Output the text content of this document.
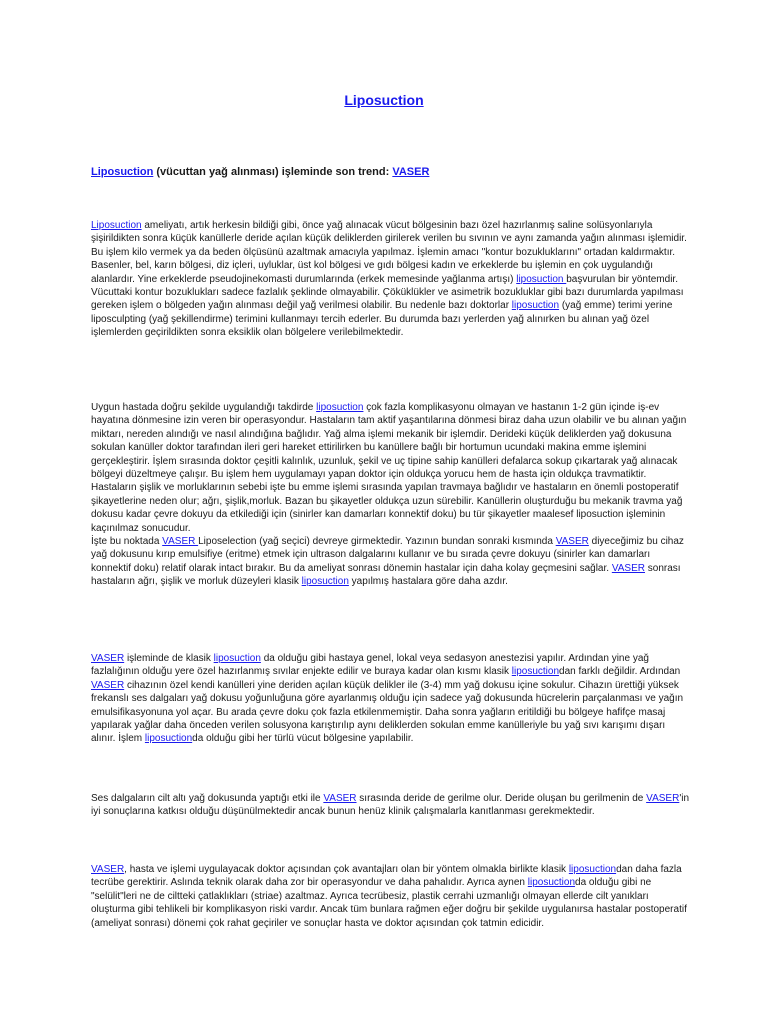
Liposuction
Liposuction (vücuttan yağ alınması) işleminde son trend: VASER

Liposuction ameliyatı, artık herkesin bildiği gibi, önce yağ alınacak vücut bölgesinin bazı özel hazırlanmış saline solüsyonlarıyla şişirildikten sonra küçük kanüllerle deride açılan küçük deliklerden girilerek verilen bu sıvının ve aynı zamanda yağın alınması işlemidir. Bu işlem kilo vermek ya da beden ölçüsünü azaltmak amacıyla yapılmaz. İşlemin amacı "kontur bozukluklarını" ortadan kaldırmaktır. Basenler, bel, karın bölgesi, diz içleri, uyluklar, üst kol bölgesi ve gıdı bölgesi kadın ve erkeklerde bu işlemin en çok uygulandığı alanlardır. Yine erkeklerde pseudojinekomasti durumlarında (erkek memesinde yağlanma artışı) liposuction başvurulan bir yöntemdir. Vücuttaki kontur bozuklukları sadece fazlalık şeklinde olmayabilir. Çöküklükler ve asimetrik bozukluklar gibi bazı durumlarda yapılması gereken işlem o bölgeden yağın alınması değil yağ verilmesi olabilir. Bu nedenle bazı doktorlar liposuction (yağ emme) terimi yerine liposculpting (yağ şekillendirme) terimini kullanmayı tercih ederler. Bu durumda bazı yerlerden yağ alınırken bu alınan yağ özel işlemlerden geçirildikten sonra eksiklik olan bölgelere verilebilmektedir.

Uygun hastada doğru şekilde uygulandığı takdirde liposuction çok fazla komplikasyonu olmayan ve hastanın 1-2 gün içinde iş-ev hayatına dönmesine izin veren bir operasyondur. Hastaların tam aktif yaşantılarına dönmesi biraz daha uzun olabilir ve bu alınan yağın miktarı, nereden alındığı ve nasıl alındığına bağlıdır. Yağ alma işlemi mekanik bir işlemdir. Derideki küçük deliklerden yağ dokusuna sokulan kanüller doktor tarafından ileri geri hareket ettirilirken bu kanüllere bağlı bir hortumun ucundaki makina emme işlemini gerçekleştirir. İşlem sırasında doktor çeşitli kalınlık, uzunluk, şekil ve uç tipine sahip kanülleri defalarca sokup çıkartarak yağ alınacak bölgeyi düzeltmeye çalışır. Bu işlem hem uygulamayı yapan doktor için oldukça yorucu hem de hasta için oldukça travmatiktir. Hastaların şişlik ve morluklarının sebebi işte bu emme işlemi sırasında yapılan travmaya bağlıdır ve hastaların en önemli postoperatif şikayetlerine neden olur; ağrı, şişlik,morluk. Bazan bu şikayetler oldukça uzun sürebilir. Kanüllerin oluşturduğu bu mekanik travma yağ dokusu kadar çevre dokuyu da etkilediği için (sinirler kan damarları konnektif doku) bu tür şikayetler maalesef liposuction işleminin kaçınılmaz sonucudur.
İşte bu noktada VASER Liposelection (yağ seçici) devreye girmektedir. Yazının bundan sonraki kısmında VASER diyeceğimiz bu cihaz yağ dokusunu kırıp emulsifiye (eritme) etmek için ultrason dalgalarını kullanır ve bu sırada çevre dokuyu (sinirler kan damarları konnektif doku) relatif olarak intact bırakır. Bu da ameliyat sonrası dönemin hastalar için daha kolay geçmesini sağlar. VASER sonrası hastaların ağrı, şişlik ve morluk düzeyleri klasik liposuction yapılmış hastalara göre daha azdır.

VASER işleminde de klasik liposuction da olduğu gibi hastaya genel, lokal veya sedasyon anestezisi yapılır. Ardından yine yağ fazlalığının olduğu yere özel hazırlanmış sıvılar enjekte edilir ve buraya kadar olan kısmı klasik liposuctiondan farklı değildir. Ardından VASER cihazının özel kendi kanülleri yine deriden açılan küçük delikler ile (3-4) mm yağ dokusu içine sokulur. Cihazın ürettiği yüksek frekanslı ses dalgaları yağ dokusu yoğunluğuna göre ayarlanmış olduğu için sadece yağ dokusunda hücrelerin parçalanması ve yağın emulsifikasyonuna yol açar. Bu arada çevre doku çok fazla etkilenmemiştir. Daha sonra yağların eritildiği bu bölgeye hafifçe masaj yapılarak yağlar daha önceden verilen solusyona karıştırılıp aynı deliklerden sokulan emme kanülleriyle bu yağ sıvı karışımı dışarı alınır. İşlem liposuctionda olduğu gibi her türlü vücut bölgesine yapılabilir.

Ses dalgaların cilt altı yağ dokusunda yaptığı etki ile VASER sırasında deride de gerilme olur. Deride oluşan bu gerilmenin de VASER'in iyi sonuçlarına katkısı olduğu düşünülmektedir ancak bunun henüz klinik çalışmalarla kanıtlanması gerekmektedir.

VASER, hasta ve işlemi uygulayacak doktor açısından çok avantajları olan bir yöntem olmakla birlikte klasik liposuctiondan daha fazla tecrübe gerektirir. Aslında teknik olarak daha zor bir operasyondur ve daha pahalıdır. Ayrıca aynen liposuctionda olduğu gibi ne "selülit"leri ne de ciltteki çatlaklıkları (striae) azaltmaz. Ayrıca tecrübesiz, plastik cerrahi uzmanlığı olmayan ellerde cilt yanıkları oluşturma gibi tehlikeli bir komplikasyon riski vardır. Ancak tüm bunlara rağmen eğer doğru bir şekilde uygulanırsa hastalar postoperatif (ameliyat sonrası) dönemi çok rahat geçiriler ve sonuçlar hasta ve doktor açısından çok tatmin edicidir.
